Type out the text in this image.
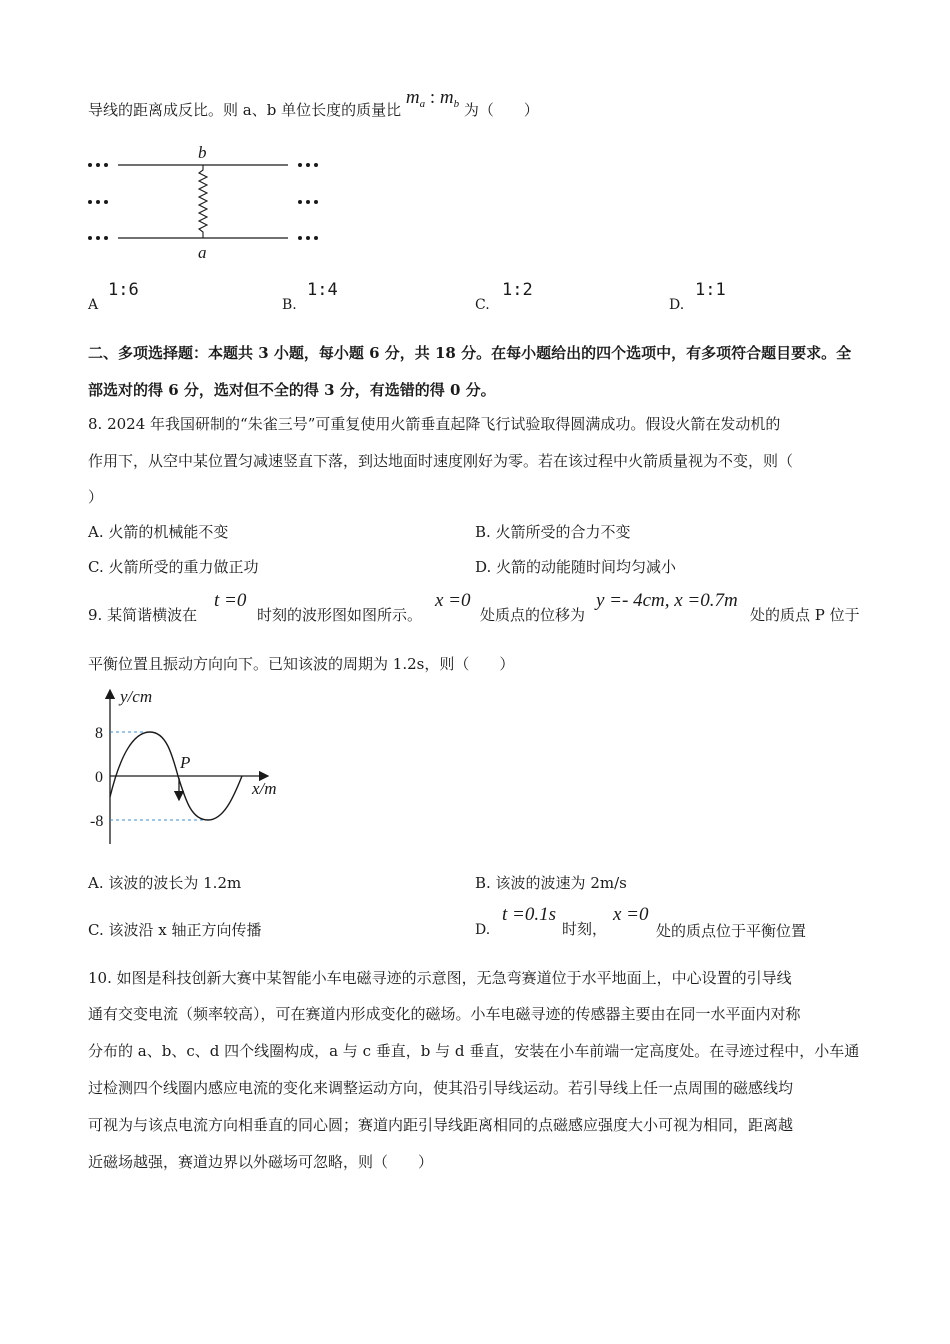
导线的距离成反比。则 a、b 单位长度的质量比 $m_a$ : $m_b$ 为（　　）
b
a
A
1:6
B.
1:4
C.
1:2
D.
1:1
二、多项选择题：本题共 3 小题，每小题 6 分，共 18 分。在每小题给出的四个选项中，有多项符合题目要求。全
部选对的得 6 分，选对但不全的得 3 分，有选错的得 0 分。
8. 2024 年我国研制的“朱雀三号”可重复使用火箭垂直起降飞行试验取得圆满成功。假设火箭在发动机的
作用下，从空中某位置匀减速竖直下落，到达地面时速度刚好为零。若在该过程中火箭质量视为不变，则（
）
A. 火箭的机械能不变	B. 火箭所受的合力不变
C. 火箭所受的重力做正功	D. 火箭的动能随时间均匀减小
9. 某简谐横波在
t =0
时刻的波形图如图所示。
x =0
处质点的位移为
y =- 4cm, x =0.7m
处的质点 P 位于
平衡位置且振动方向向下。已知该波的周期为 1.2s，则（　　）
y/cm
x/m
8
0
-8
P
A. 该波的波长为 1.2m	B. 该波的波速为 2m/s
C. 该波沿 x 轴正方向传播	D.
t =0.1s
时刻，
x =0
处的质点位于平衡位置
10. 如图是科技创新大赛中某智能小车电磁寻迹的示意图，无急弯赛道位于水平地面上，中心设置的引导线
通有交变电流（频率较高），可在赛道内形成变化的磁场。小车电磁寻迹的传感器主要由在同一水平面内对称
分布的 a、b、c、d 四个线圈构成，a 与 c 垂直，b 与 d 垂直，安装在小车前端一定高度处。在寻迹过程中，小车通
过检测四个线圈内感应电流的变化来调整运动方向，使其沿引导线运动。若引导线上任一点周围的磁感线均
可视为与该点电流方向相垂直的同心圆；赛道内距引导线距离相同的点磁感应强度大小可视为相同，距离越
近磁场越强，赛道边界以外磁场可忽略，则（　　）
